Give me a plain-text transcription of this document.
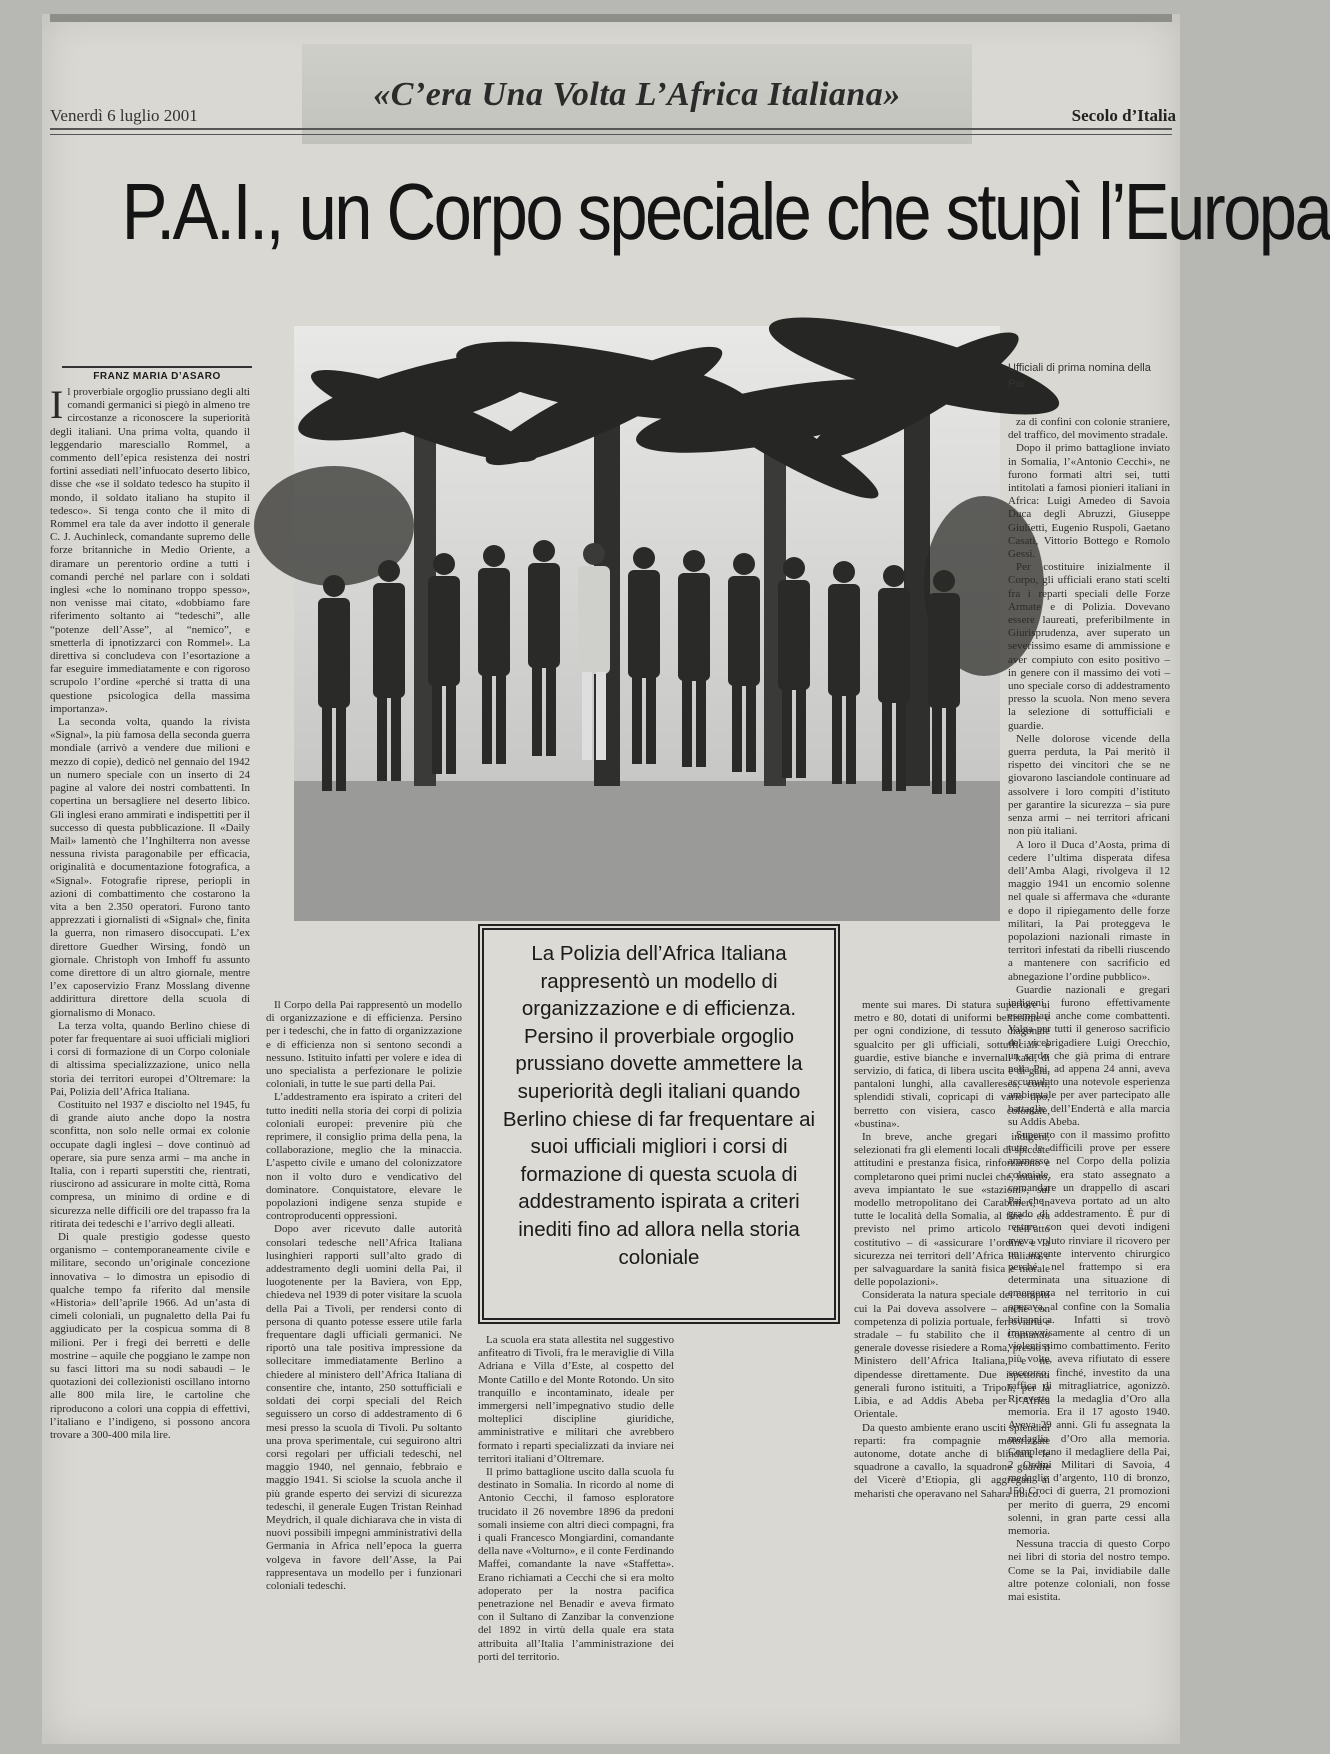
«C’era Una Volta L’Africa Italiana»
Venerdì 6 luglio 2001	Secolo d’Italia
P.A.I., un Corpo speciale che stupì l’Europa
FRANZ MARIA D’ASARO
Ufficiali di prima nomina della Pai

Il proverbiale orgoglio prussiano degli alti comandi germanici si piegò in almeno tre circostanze a riconoscere la superiorità degli italiani. Una prima volta, quando il leggendario maresciallo Rommel, a commento dell’epica resistenza dei nostri fortini assediati nell’infuocato deserto libico, disse che «se il soldato tedesco ha stupito il mondo, il soldato italiano ha stupito il tedesco». Si tenga conto che il mito di Rommel era tale da aver indotto il generale C. J. Auchinleck, comandante supremo delle forze britanniche in Medio Oriente, a diramare un perentorio ordine a tutti i comandi perché nel parlare con i soldati inglesi «che lo nominano troppo spesso», non venisse mai citato, «dobbiamo fare riferimento soltanto ai “tedeschi”, alle “potenze dell’Asse”, al “nemico”, e smetterla di ipnotizzarci con Rommel». La direttiva si concludeva con l’esortazione a far eseguire immediatamente e con rigoroso scrupolo l’ordine «perché si tratta di una questione psicologica della massima importanza».

La seconda volta, quando la rivista «Signal», la più famosa della seconda guerra mondiale (arrivò a vendere due milioni e mezzo di copie), dedicò nel gennaio del 1942 un numero speciale con un inserto di 24 pagine al valore dei nostri combattenti. In copertina un bersagliere nel deserto libico. Gli inglesi erano ammirati e indispettiti per il successo di questa pubblicazione. Il «Daily Mail» lamentò che l’Inghilterra non avesse nessuna rivista paragonabile per efficacia, originalità e documentazione fotografica, a «Signal». Fotografie riprese, periopli in azioni di combattimento che costarono la vita a ben 2.350 operatori. Furono tanto apprezzati i giornalisti di «Signal» che, finita la guerra, non rimasero disoccupati. L’ex direttore Guedher Wirsing, fondò un giornale. Christoph von Imhoff fu assunto come direttore di un altro giornale, mentre l’ex caposervizio Franz Mosslang divenne addirittura direttore della scuola di giornalismo di Monaco.

La terza volta, quando Berlino chiese di poter far frequentare ai suoi ufficiali migliori i corsi di formazione di un Corpo coloniale di altissima specializzazione, unico nella storia dei territori europei d’Oltremare: la Pai, Polizia dell’Africa Italiana.

Costituito nel 1937 e disciolto nel 1945, fu di grande aiuto anche dopo la nostra sconfitta, non solo nelle ormai ex colonie occupate dagli inglesi – dove continuò ad operare, sia pure senza armi – ma anche in Italia, con i reparti superstiti che, rientrati, riuscirono ad assicurare in molte città, Roma compresa, un minimo di ordine e di sicurezza nelle difficili ore del trapasso fra la ritirata dei tedeschi e l’arrivo degli alleati.

Di quale prestigio godesse questo organismo – contemporaneamente civile e militare, secondo un’originale concezione innovativa – lo dimostra un episodio di qualche tempo fa riferito dal mensile «Historia» dell’aprile 1966. Ad un’asta di cimeli coloniali, un pugnaletto della Pai fu aggiudicato per la cospicua somma di 8 milioni. Per i fregi dei berretti e delle mostrine – aquile che poggiano le zampe non su fasci littori ma su nodi sabaudi – le quotazioni dei collezionisti oscillano intorno alle 800 mila lire, le cartoline che riproducono a colori una coppia di effettivi, l’italiano e l’indigeno, si possono ancora trovare a 300-400 mila lire.

Il Corpo della Pai rappresentò un modello di organizzazione e di efficienza. Persino per i tedeschi, che in fatto di organizzazione e di efficienza non si sentono secondi a nessuno. Istituito infatti per volere e idea di uno specialista a perfezionare le polizie coloniali, in tutte le sue parti della Pai.

L’addestramento era ispirato a criteri del tutto inediti nella storia dei corpi di polizia coloniali europei: prevenire più che reprimere, il consiglio prima della pena, la collaborazione, meglio che la minaccia. L’aspetto civile e umano del colonizzatore non il volto duro e vendicativo del dominatore. Conquistatore, elevare le popolazioni indigene senza stupide e controproducenti oppressioni.

Dopo aver ricevuto dalle autorità consolari tedesche nell’Africa Italiana lusinghieri rapporti sull’alto grado di addestramento degli uomini della Pai, il luogotenente per la Baviera, von Epp, chiedeva nel 1939 di poter visitare la scuola della Pai a Tivoli, per rendersi conto di persona di quanto potesse essere utile farla frequentare dagli ufficiali germanici. Ne riportò una tale positiva impressione da sollecitare immediatamente Berlino a chiedere al ministero dell’Africa Italiana di consentire che, intanto, 250 sottufficiali e soldati dei corpi speciali del Reich seguissero un corso di addestramento di 6 mesi presso la scuola di Tivoli. Pu soltanto una prova sperimentale, cui seguirono altri corsi regolari per ufficiali tedeschi, nel maggio 1940, nel gennaio, febbraio e maggio 1941. Si sciolse la scuola anche il più grande esperto dei servizi di sicurezza tedeschi, il generale Eugen Tristan Reinhad Meydrich, il quale dichiarava che in vista di nuovi possibili impegni amministrativi della Germania in Africa nell’epoca la guerra volgeva in favore dell’Asse, la Pai rappresentava un modello per i funzionari coloniali tedeschi.

La scuola era stata allestita nel suggestivo anfiteatro di Tivoli, fra le meraviglie di Villa Adriana e Villa d’Este, al cospetto del Monte Catillo e del Monte Rotondo. Un sito tranquillo e incontaminato, ideale per immergersi nell’impegnativo studio delle molteplici discipline giuridiche, amministrative e militari che avrebbero formato i reparti specializzati da inviare nei territori italiani d’Oltremare.

Il primo battaglione uscito dalla scuola fu destinato in Somalia. In ricordo al nome di Antonio Cecchi, il famoso esploratore trucidato il 26 novembre 1896 da predoni somali insieme con altri dieci compagni, fra i quali Francesco Mongiardini, comandante della nave «Volturno», e il conte Ferdinando Maffei, comandante la nave «Staffetta». Erano richiamati a Cecchi che si era molto adoperato per la nostra pacifica penetrazione nel Benadir e aveva firmato con il Sultano di Zanzibar la convenzione del 1892 in virtù della quale era stata attribuita all’Italia l’amministrazione dei porti del territorio.

La Polizia dell’Africa Italiana rappresentò un modello di organizzazione e di efficienza. Persino il proverbiale orgoglio prussiano dovette ammettere la superiorità degli italiani quando Berlino chiese di far frequentare ai suoi ufficiali migliori i corsi di formazione di questa scuola di addestramento ispirata a criteri inediti fino ad allora nella storia coloniale

mente sui mares. Di statura superiore ai metro e 80, dotati di uniformi bellissime e per ogni condizione, di tessuto diagonale sgualcito per gli ufficiali, sottufficiali e guardie, estive bianche e invernali kaki, di servizio, di fatica, di libera uscita e di gala, pantaloni lunghi, alla cavalleresca, corti, splendidi stivali, copricapi di vario tipo, berretto con visiera, casco coloniale, «bustina».

In breve, anche gregari indigeni, selezionati fra gli elementi locali di spiccate attitudini e prestanza fisica, rinforzarono e completarono quei primi nuclei che, intanto, aveva impiantato le sue «stazioni», sul modello metropolitano dei Carabinieri, in tutte le località della Somalia, al fine – era previsto nel primo articolo dell’atto costitutivo – di «assicurare l’ordine e la sicurezza nei territori dell’Africa Italiana e per salvaguardare la sanità fisica e morale delle popolazioni».

Considerata la natura speciale dei compiti cui la Pai doveva assolvere – anche con competenza di polizia portuale, ferroviaria e stradale – fu stabilito che il Comando generale dovesse risiedere a Roma, presso il Ministero dell’Africa Italiana, e ne dipendesse direttamente. Due ispettorati generali furono istituiti, a Tripoli, per la Libia, e ad Addis Abeba per l’Africa Orientale.

Da questo ambiente erano usciti splendidi reparti: fra compagnie motorizzate autonome, dotate anche di blindati, le squadrone a cavallo, la squadrone guardie del Vicerè d’Etiopia, gli aggregati ai meharisti che operavano nel Sahara libico.

za di confini con colonie straniere, del traffico, del movimento stradale.

Dopo il primo battaglione inviato in Somalia, l’«Antonio Cecchi», ne furono formati altri sei, tutti intitolati a famosi pionieri italiani in Africa: Luigi Amedeo di Savoia Duca degli Abruzzi, Giuseppe Giulietti, Eugenio Ruspoli, Gaetano Casati, Vittorio Bottego e Romolo Gessi.

Per costituire inizialmente il Corpo, gli ufficiali erano stati scelti fra i reparti speciali delle Forze Armate e di Polizia. Dovevano essere laureati, preferibilmente in Giurisprudenza, aver superato un severissimo esame di ammissione e aver compiuto con esito positivo – in genere con il massimo dei voti – uno speciale corso di addestramento presso la scuola. Non meno severa la selezione di sottufficiali e guardie.

Nelle dolorose vicende della guerra perduta, la Pai meritò il rispetto dei vincitori che se ne giovarono lasciandole continuare ad assolvere i loro compiti d’istituto per garantire la sicurezza – sia pure senza armi – nei territori africani non più italiani.

A loro il Duca d’Aosta, prima di cedere l’ultima disperata difesa dell’Amba Alagi, rivolgeva il 12 maggio 1941 un encomio solenne nel quale si affermava che «durante e dopo il ripiegamento delle forze militari, la Pai proteggeva le popolazioni nazionali rimaste in territori infestati da ribelli riuscendo a mantenere con sacrificio ed abnegazione l’ordine pubblico».

Guardie nazionali e gregari indigeni furono effettivamente esemplari anche come combattenti. Valga per tutti il generoso sacrificio del vicebrigadiere Luigi Orecchio, un sardo che già prima di entrare nella Pai, ad appena 24 anni, aveva accumulato una notevole esperienza ambientale per aver partecipato alle battaglie dell’Endertà e alla marcia su Addis Abeba.

Superato con il massimo profitto tutte le difficili prove per essere ammesso nel Corpo della polizia coloniale, era stato assegnato a comandare un drappello di ascari Pai che aveva portato ad un alto grado di addestramento. È pur di restare con quei devoti indigeni aveva voluto rinviare il ricovero per un urgente intervento chirurgico perché nel frattempo si era determinata una situazione di emergenza nel territorio in cui operava, al confine con la Somalia britannica. Infatti si trovò improvvisamente al centro di un violentissimo combattimento. Ferito più volte, aveva rifiutato di essere soccorso, finché, investito da una raffica di mitragliatrice, agonizzò. Ricevette la medaglia d’Oro alla memoria. Era il 17 agosto 1940. Aveva 29 anni. Gli fu assegnata la medaglia d’Oro alla memoria. Completano il medagliere della Pai, 2 Ordini Militari di Savoia, 4 medaglie d’argento, 110 di bronzo, 150 Croci di guerra, 21 promozioni per merito di guerra, 29 encomi solenni, in gran parte cessi alla memoria.

Nessuna traccia di questo Corpo nei libri di storia del nostro tempo. Come se la Pai, invidiabile dalle altre potenze coloniali, non fosse mai esistita.
